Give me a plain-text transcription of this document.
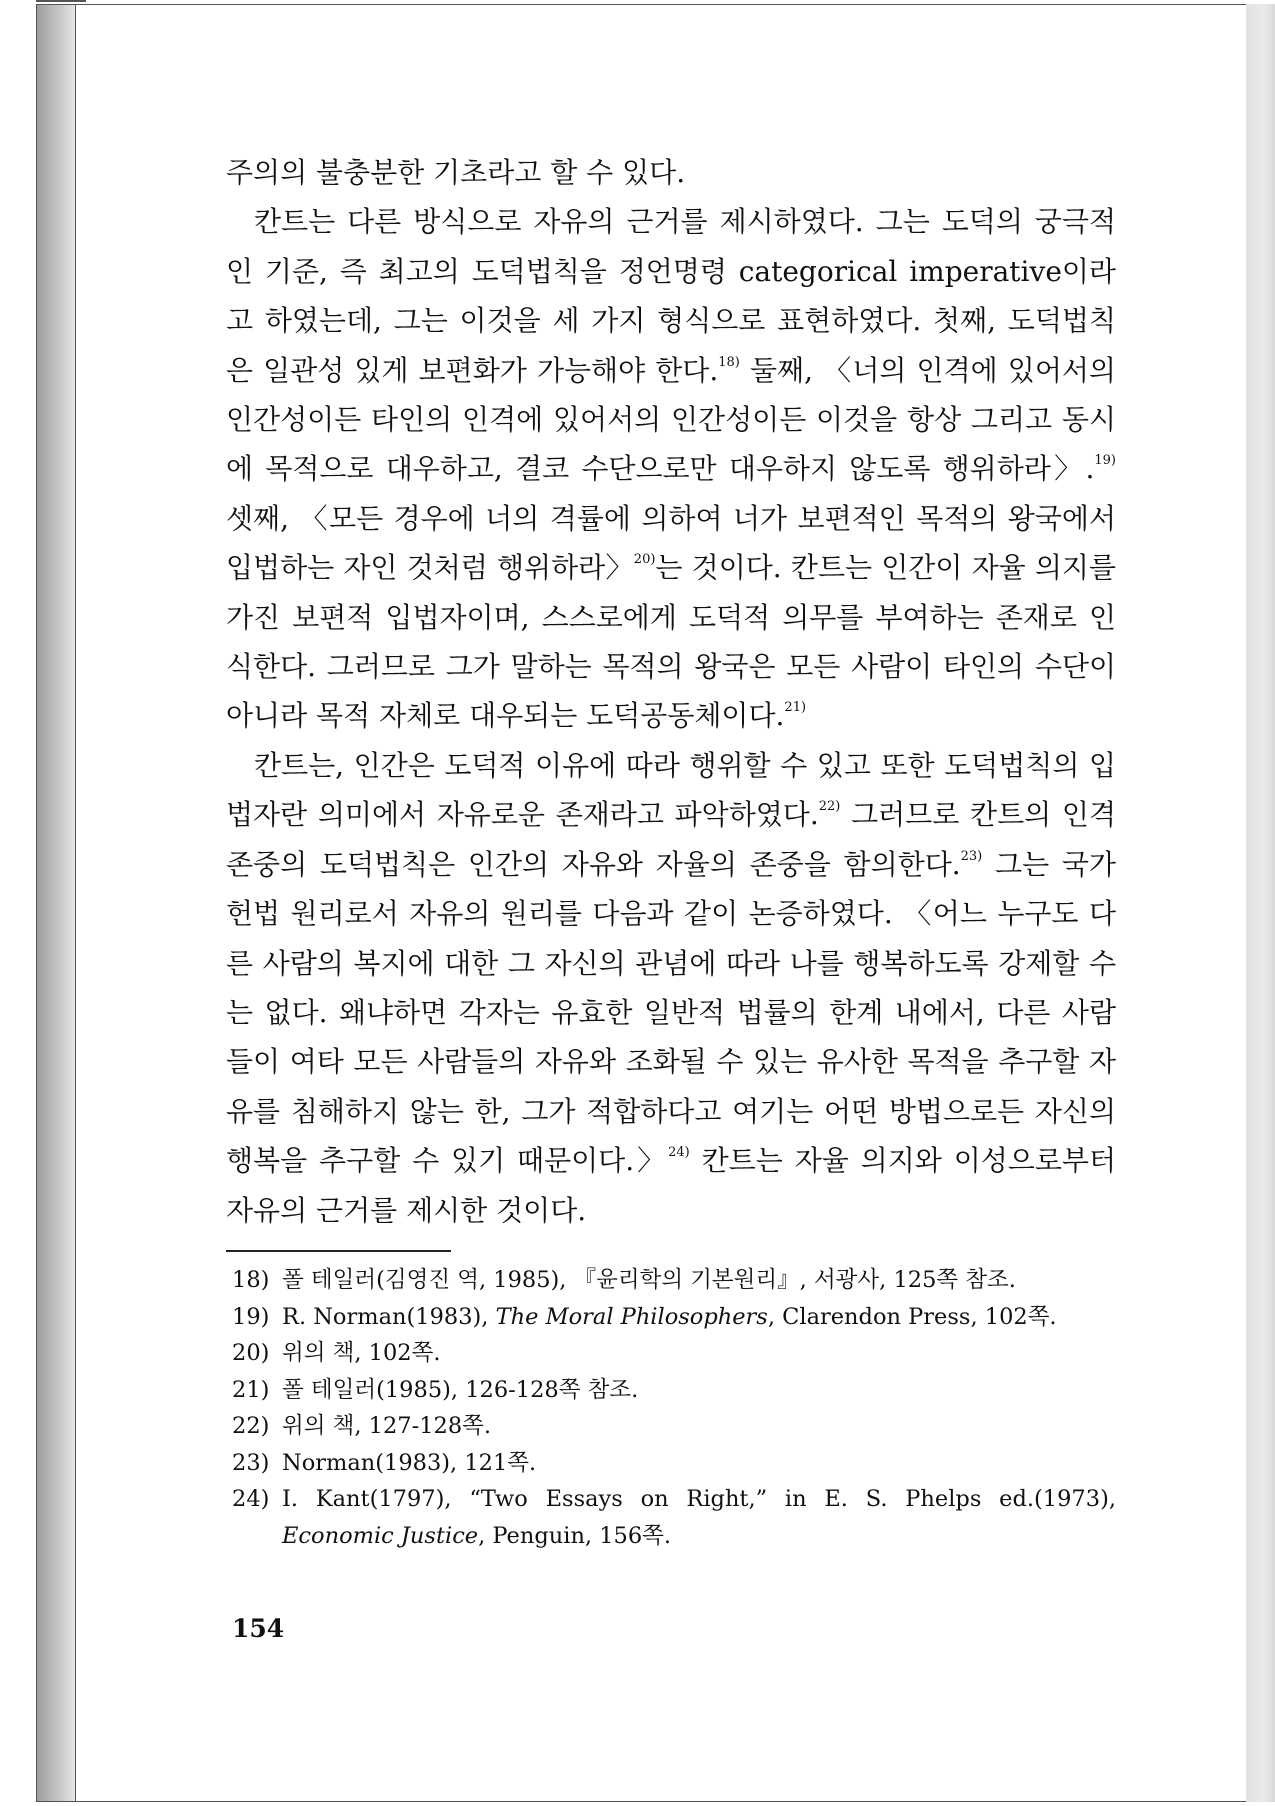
주의의 불충분한 기초라고 할 수 있다.

칸트는 다른 방식으로 자유의 근거를 제시하였다. 그는 도덕의 궁극적인 기준, 즉 최고의 도덕법칙을 정언명령 categorical imperative이라고 하였는데, 그는 이것을 세 가지 형식으로 표현하였다. 첫째, 도덕법칙은 일관성 있게 보편화가 가능해야 한다.$^{18)}$ 둘째, 〈너의 인격에 있어서의 인간성이든 타인의 인격에 있어서의 인간성이든 이것을 항상 그리고 동시에 목적으로 대우하고, 결코 수단으로만 대우하지 않도록 행위하라〉.$^{19)}$ 셋째, 〈모든 경우에 너의 격률에 의하여 너가 보편적인 목적의 왕국에서 입법하는 자인 것처럼 행위하라〉$^{20)}$는 것이다. 칸트는 인간이 자율 의지를 가진 보편적 입법자이며, 스스로에게 도덕적 의무를 부여하는 존재로 인식한다. 그러므로 그가 말하는 목적의 왕국은 모든 사람이 타인의 수단이 아니라 목적 자체로 대우되는 도덕공동체이다.$^{21)}$

칸트는, 인간은 도덕적 이유에 따라 행위할 수 있고 또한 도덕법칙의 입법자란 의미에서 자유로운 존재라고 파악하였다.$^{22)}$ 그러므로 칸트의 인격 존중의 도덕법칙은 인간의 자유와 자율의 존중을 함의한다.$^{23)}$ 그는 국가 헌법 원리로서 자유의 원리를 다음과 같이 논증하였다. 〈어느 누구도 다른 사람의 복지에 대한 그 자신의 관념에 따라 나를 행복하도록 강제할 수는 없다. 왜냐하면 각자는 유효한 일반적 법률의 한계 내에서, 다른 사람들이 여타 모든 사람들의 자유와 조화될 수 있는 유사한 목적을 추구할 자유를 침해하지 않는 한, 그가 적합하다고 여기는 어떤 방법으로든 자신의 행복을 추구할 수 있기 때문이다.〉$^{24)}$ 칸트는 자율 의지와 이성으로부터 자유의 근거를 제시한 것이다.

18) 폴 테일러(김영진 역, 1985), 『윤리학의 기본원리』, 서광사, 125쪽 참조.
19) R. Norman(1983), The Moral Philosophers, Clarendon Press, 102쪽.
20) 위의 책, 102쪽.
21) 폴 테일러(1985), 126-128쪽 참조.
22) 위의 책, 127-128쪽.
23) Norman(1983), 121쪽.
24) I. Kant(1797), “Two Essays on Right,” in E. S. Phelps ed.(1973), Economic Justice, Penguin, 156쪽.
154
